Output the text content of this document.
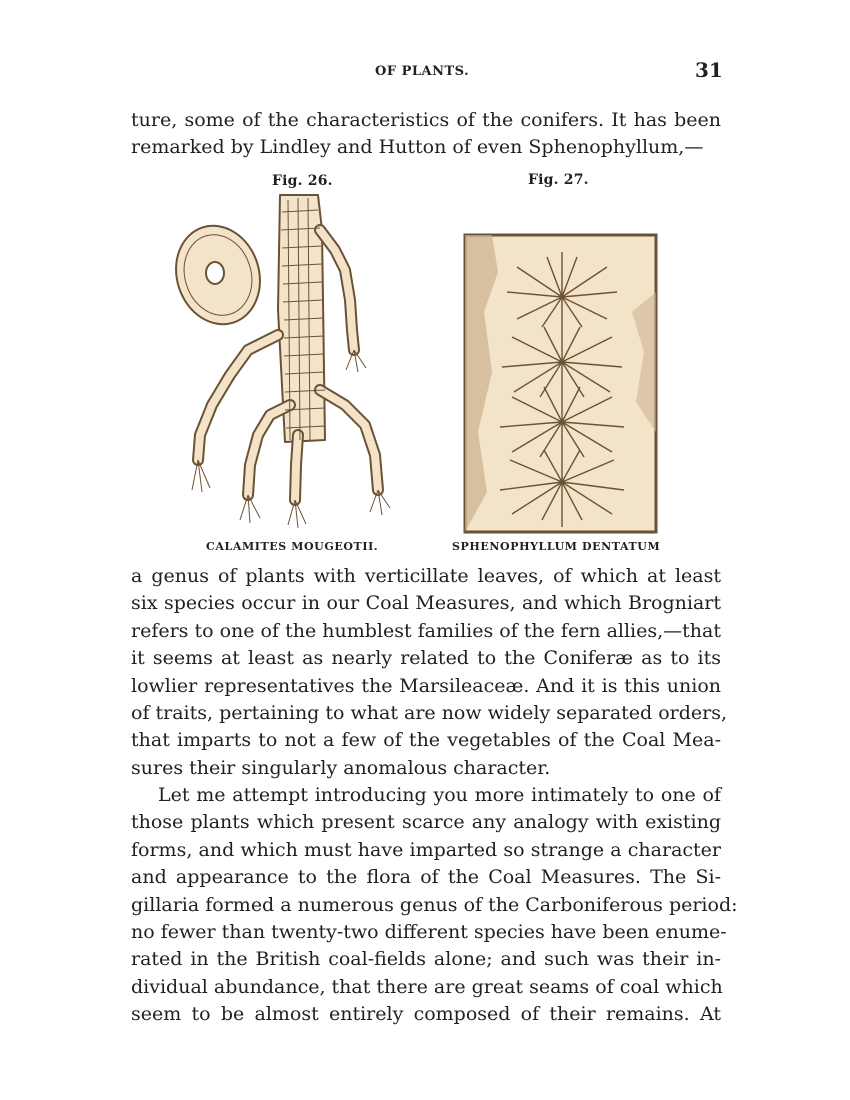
OF PLANTS.	31
ture, some of the characteristics of the conifers. It has been
remarked by Lindley and Hutton of even Sphenophyllum,—
Fig. 26.	Fig. 27.
CALAMITES MOUGEOTII.	SPHENOPHYLLUM DENTATUM
a genus of plants with verticillate leaves, of which at least
six species occur in our Coal Measures, and which Brogniart
refers to one of the humblest families of the fern allies,—that
it seems at least as nearly related to the Coniferæ as to its
lowlier representatives the Marsileaceæ. And it is this union
of traits, pertaining to what are now widely separated orders,
that imparts to not a few of the vegetables of the Coal Mea-
sures their singularly anomalous character.
Let me attempt introducing you more intimately to one of
those plants which present scarce any analogy with existing
forms, and which must have imparted so strange a character
and appearance to the flora of the Coal Measures. The Si-
gillaria formed a numerous genus of the Carboniferous period:
no fewer than twenty-two different species have been enume-
rated in the British coal-fields alone; and such was their in-
dividual abundance, that there are great seams of coal which
seem to be almost entirely composed of their remains. At
